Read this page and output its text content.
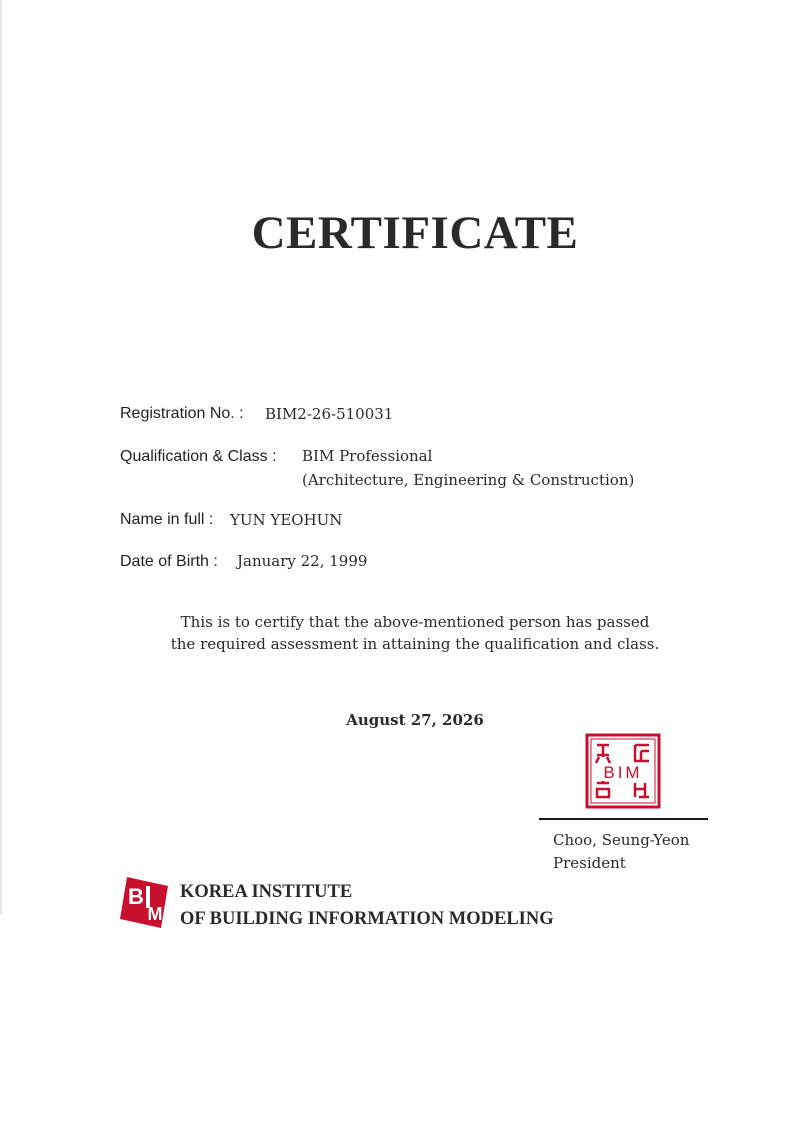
CERTIFICATE
Registration No. : BIM2-26-510031
Qualification & Class : BIM Professional
(Architecture, Engineering & Construction)
Name in full : YUN YEOHUN
Date of Birth : January 22, 1999
This is to certify that the above-mentioned person has passed
the required assessment in attaining the qualification and class.
August 27, 2026
BIM
Choo, Seung-Yeon
President
B
M
KOREA INSTITUTE
OF BUILDING INFORMATION MODELING
